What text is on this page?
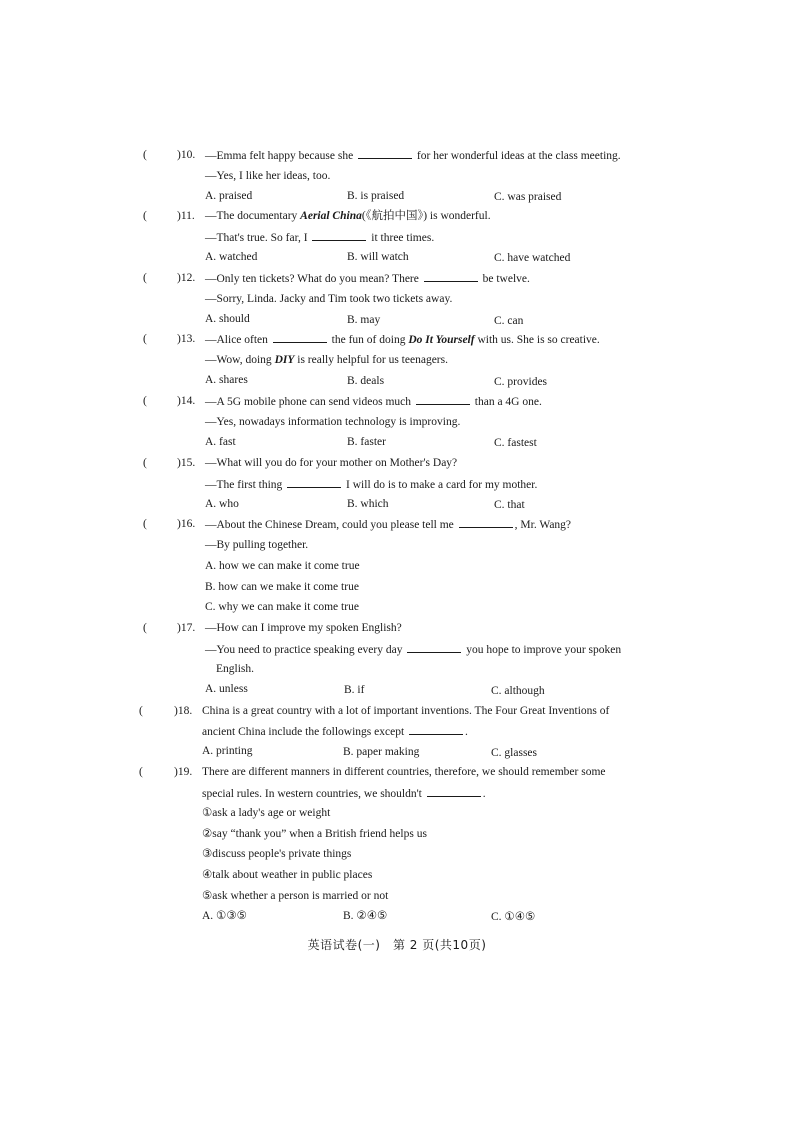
(	)10. —Emma felt happy because she	for her wonderful ideas at the class meeting.
—Yes, I like her ideas, too.
A. praised	B. is praised	C. was praised
(	)11. —The documentary Aerial China(《航拍中国》) is wonderful.
—That's true. So far, I	it three times.
A. watched	B. will watch	C. have watched
(	)12. —Only ten tickets? What do you mean? There	be twelve.
—Sorry, Linda. Jacky and Tim took two tickets away.
A. should	B. may	C. can
(	)13. —Alice often	the fun of doing Do It Yourself with us. She is so creative.
—Wow, doing DIY is really helpful for us teenagers.
A. shares	B. deals	C. provides
(	)14. —A 5G mobile phone can send videos much	than a 4G one.
—Yes, nowadays information technology is improving.
A. fast	B. faster	C. fastest
(	)15. —What will you do for your mother on Mother's Day?
—The first thing	I will do is to make a card for my mother.
A. who	B. which	C. that
(	)16. —About the Chinese Dream, could you please tell me	, Mr. Wang?
—By pulling together.
A. how we can make it come true
B. how can we make it come true
C. why we can make it come true
(	)17. —How can I improve my spoken English?
—You need to practice speaking every day	you hope to improve your spoken
English.
A. unless	B. if	C. although
(	)18. China is a great country with a lot of important inventions. The Four Great Inventions of
ancient China include the followings except	.
A. printing	B. paper making	C. glasses
(	)19. There are different manners in different countries, therefore, we should remember some
special rules. In western countries, we shouldn't	.
①ask a lady's age or weight
②say “thank you” when a British friend helps us
③discuss people's private things
④talk about weather in public places
⑤ask whether a person is married or not
A. ①③⑤	B. ②④⑤	C. ①④⑤
英语试卷(一)　第 2 页(共10页)
